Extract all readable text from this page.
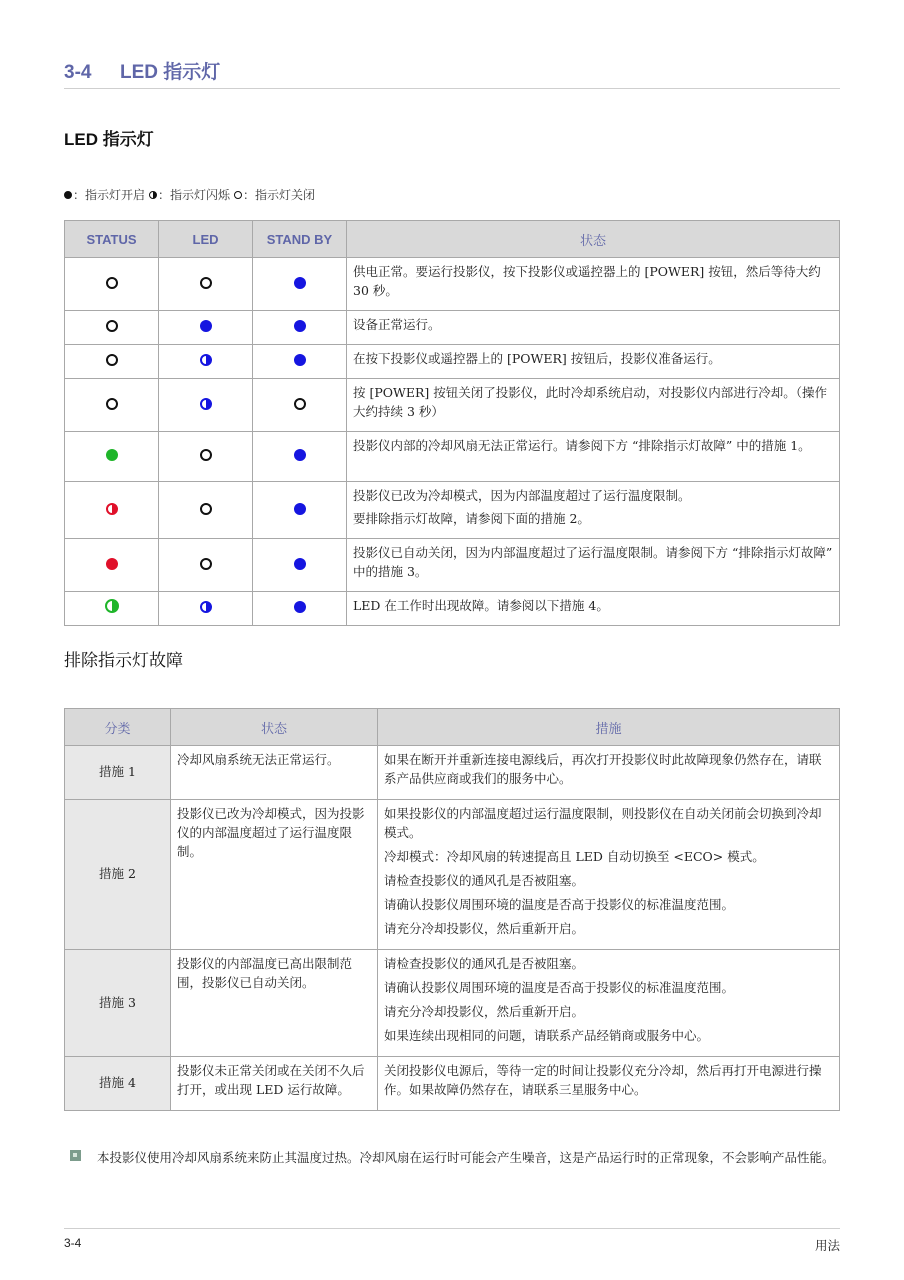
3-4 LED 指示灯
LED 指示灯
：指示灯开启 ：指示灯闪烁 ：指示灯关闭
STATUS	LED	STAND BY	状态

			供电正常。要运行投影仪，按下投影仪或遥控器上的 [POWER] 按钮，然后等待大约 30 秒。

			设备正常运行。

			在按下投影仪或遥控器上的 [POWER] 按钮后，投影仪准备运行。

			按 [POWER] 按钮关闭了投影仪，此时冷却系统启动，对投影仪内部进行冷却。（操作大约持续 3 秒）

			投影仪内部的冷却风扇无法正常运行。请参阅下方 “排除指示灯故障” 中的措施 1。

			投影仪已改为冷却模式，因为内部温度超过了运行温度限制。
要排除指示灯故障，请参阅下面的措施 2。

			投影仪已自动关闭，因为内部温度超过了运行温度限制。请参阅下方 “排除指示灯故障” 中的措施 3。

			LED 在工作时出现故障。请参阅以下措施 4。
排除指示灯故障
分类	状态	措施
措施 1	冷却风扇系统无法正常运行。	如果在断开并重新连接电源线后，再次打开投影仪时此故障现象仍然存在，请联系产品供应商或我们的服务中心。

措施 2	投影仪已改为冷却模式，因为投影仪的内部温度超过了运行温度限制。	如果投影仪的内部温度超过运行温度限制，则投影仪在自动关闭前会切换到冷却模式。
冷却模式：冷却风扇的转速提高且 LED 自动切换至 <ECO> 模式。
请检查投影仪的通风孔是否被阻塞。
请确认投影仪周围环境的温度是否高于投影仪的标准温度范围。
请充分冷却投影仪，然后重新开启。

措施 3	投影仪的内部温度已高出限制范围，投影仪已自动关闭。	请检查投影仪的通风孔是否被阻塞。
请确认投影仪周围环境的温度是否高于投影仪的标准温度范围。
请充分冷却投影仪，然后重新开启。
如果连续出现相同的问题，请联系产品经销商或服务中心。

措施 4	投影仪未正常关闭或在关闭不久后打开，或出现 LED 运行故障。	关闭投影仪电源后，等待一定的时间让投影仪充分冷却，然后再打开电源进行操作。如果故障仍然存在，请联系三星服务中心。
本投影仪使用冷却风扇系统来防止其温度过热。冷却风扇在运行时可能会产生噪音，这是产品运行时的正常现象，不会影响产品性能。
3-4	用法
